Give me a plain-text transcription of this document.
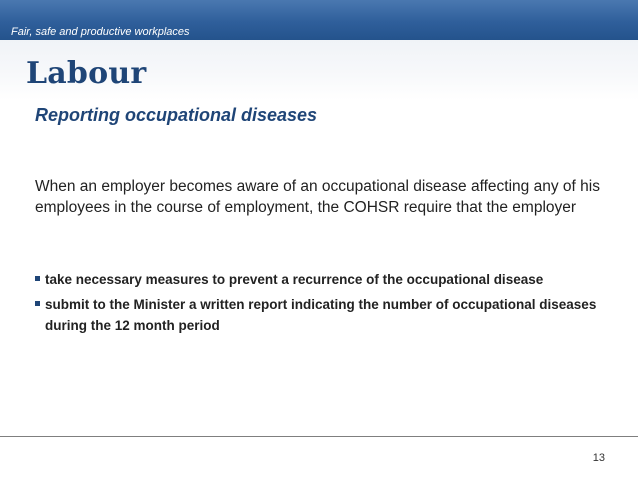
Fair, safe and productive workplaces
Labour
Reporting occupational diseases
When an employer becomes aware of an occupational disease affecting any of his employees in the course of employment, the COHSR require that the employer
take necessary measures to prevent a recurrence of the occupational disease
submit to the Minister a written report indicating the number of occupational diseases during the 12 month period
13
